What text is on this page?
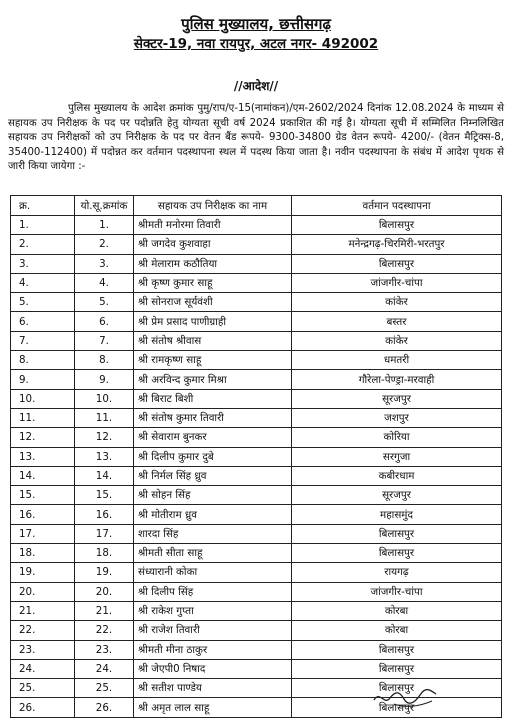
पुलिस मुख्यालय, छत्तीसगढ़
सेक्टर-19, नवा रायपुर, अटल नगर- 492002
//आदेश//
पुलिस मुख्यालय के आदेश क्रमांक पुमु/राप/ए-15(नामांकन)/एम-2602/2024 दिनांक 12.08.2024 के माध्यम से सहायक उप निरीक्षक के पद पर पदोन्नति हेतु योग्यता सूची वर्ष 2024 प्रकाशित की गई है। योग्यता सूची में सम्मिलित निम्नलिखित सहायक उप निरीक्षकों को उप निरीक्षक के पद पर वेतन बैंड रूपये- 9300-34800 ग्रेड वेतन रूपये- 4200/- (वेतन मैट्रिक्स-8, 35400-112400) में पदोन्नत कर वर्तमान पदस्थापना स्थल में पदस्थ किया जाता है। नवीन पदस्थापना के संबंध में आदेश पृथक से जारी किया जायेगा :-
क्र.	यो.सू.क्रमांक	सहायक उप निरीक्षक का नाम	वर्तमान पदस्थापना
1.	1.	श्रीमती मनोरमा तिवारी	बिलासपुर
2.	2.	श्री जगदेव कुशवाहा	मनेन्द्रगढ़-चिरमिरी-भरतपुर
3.	3.	श्री मेलाराम कठौतिया	बिलासपुर
4.	4.	श्री कृष्ण कुमार साहू	जांजगीर-चांपा
5.	5.	श्री सोनराज सूर्यवंशी	कांकेर
6.	6.	श्री प्रेम प्रसाद पाणीग्राही	बस्तर
7.	7.	श्री संतोष श्रीवास	कांकेर
8.	8.	श्री रामकृष्ण साहू	धमतरी
9.	9.	श्री अरविन्द कुमार मिश्रा	गौरेला-पेण्ड्रा-मरवाही
10.	10.	श्री बिराट बिशी	सूरजपुर
11.	11.	श्री संतोष कुमार तिवारी	जशपुर
12.	12.	श्री सेवाराम बुनकर	कोरिया
13.	13.	श्री दिलीप कुमार दुबे	सरगुजा
14.	14.	श्री निर्मल सिंह ध्रुव	कबीरधाम
15.	15.	श्री सोहन सिंह	सूरजपुर
16.	16.	श्री मोतीराम ध्रुव	महासमुंद
17.	17.	शारदा सिंह	बिलासपुर
18.	18.	श्रीमती सीता साहू	बिलासपुर
19.	19.	संध्यारानी कोका	रायगढ़
20.	20.	श्री दिलीप सिंह	जांजगीर-चांपा
21.	21.	श्री राकेश गुप्ता	कोरबा
22.	22.	श्री राजेश तिवारी	कोरबा
23.	23.	श्रीमती मीना ठाकुर	बिलासपुर
24.	24.	श्री जेएपी0 निषाद	बिलासपुर
25.	25.	श्री सतीश पाण्डेय	बिलासपुर
26.	26.	श्री अमृत लाल साहू	बिलासपुर
